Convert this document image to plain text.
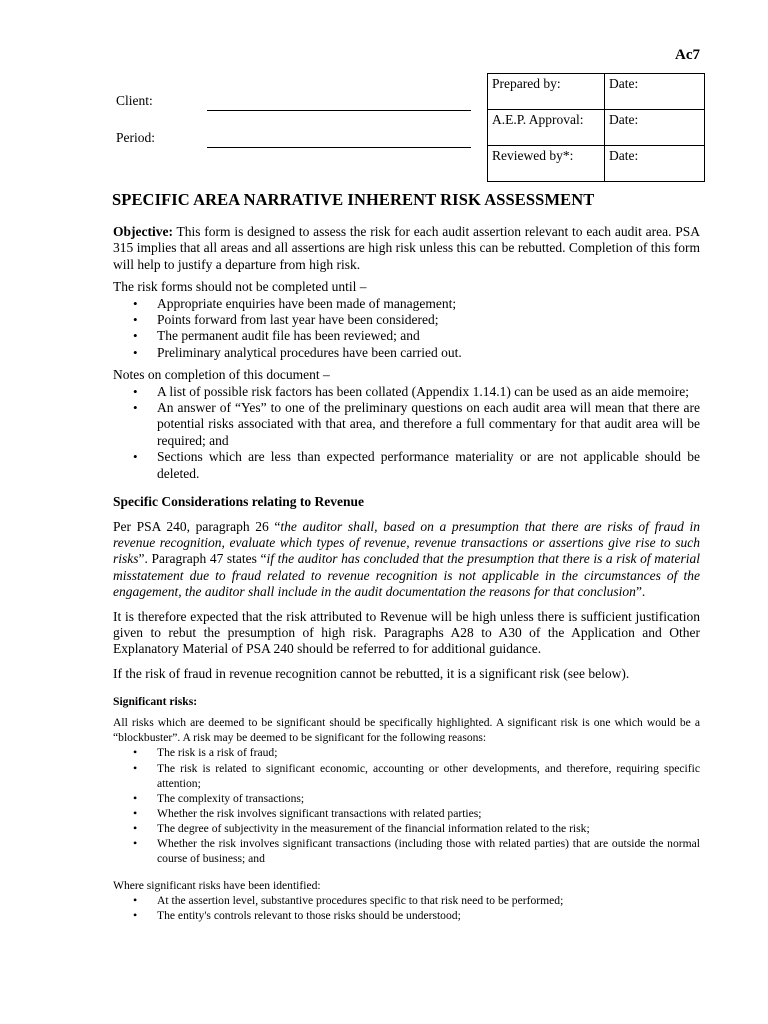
Ac7
Client:
Period:
Prepared by:	Date:
A.E.P. Approval:	Date:
Reviewed by*:	Date:
SPECIFIC AREA NARRATIVE INHERENT RISK ASSESSMENT

Objective: This form is designed to assess the risk for each audit assertion relevant to each audit area. PSA 315 implies that all areas and all assertions are high risk unless this can be rebutted. Completion of this form will help to justify a departure from high risk.

The risk forms should not be completed until –

• Appropriate enquiries have been made of management;
• Points forward from last year have been considered;
• The permanent audit file has been reviewed; and
• Preliminary analytical procedures have been carried out.

Notes on completion of this document –

• A list of possible risk factors has been collated (Appendix 1.14.1) can be used as an aide memoire;
• An answer of “Yes” to one of the preliminary questions on each audit area will mean that there are potential risks associated with that area, and therefore a full commentary for that audit area will be required; and
• Sections which are less than expected performance materiality or are not applicable should be deleted.

Specific Considerations relating to Revenue

Per PSA 240, paragraph 26 “the auditor shall, based on a presumption that there are risks of fraud in revenue recognition, evaluate which types of revenue, revenue transactions or assertions give rise to such risks”. Paragraph 47 states “if the auditor has concluded that the presumption that there is a risk of material misstatement due to fraud related to revenue recognition is not applicable in the circumstances of the engagement, the auditor shall include in the audit documentation the reasons for that conclusion”.

It is therefore expected that the risk attributed to Revenue will be high unless there is sufficient justification given to rebut the presumption of high risk. Paragraphs A28 to A30 of the Application and Other Explanatory Material of PSA 240 should be referred to for additional guidance.

If the risk of fraud in revenue recognition cannot be rebutted, it is a significant risk (see below).

Significant risks:

All risks which are deemed to be significant should be specifically highlighted. A significant risk is one which would be a “blockbuster”. A risk may be deemed to be significant for the following reasons:

• The risk is a risk of fraud;
• The risk is related to significant economic, accounting or other developments, and therefore, requiring specific attention;
• The complexity of transactions;
• Whether the risk involves significant transactions with related parties;
• The degree of subjectivity in the measurement of the financial information related to the risk;
• Whether the risk involves significant transactions (including those with related parties) that are outside the normal course of business; and

Where significant risks have been identified:

• At the assertion level, substantive procedures specific to that risk need to be performed;
• The entity's controls relevant to those risks should be understood;
